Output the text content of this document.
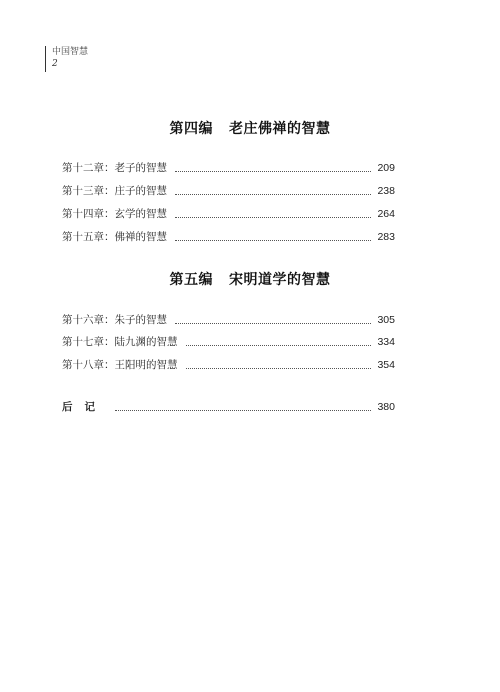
中国智慧
2
第四编 老庄佛禅的智慧
第十二章：老子的智慧	209
第十三章：庄子的智慧	238
第十四章：玄学的智慧	264
第十五章：佛禅的智慧	283
第五编 宋明道学的智慧
第十六章：朱子的智慧	305
第十七章：陆九渊的智慧	334
第十八章：王阳明的智慧	354
后记	380
